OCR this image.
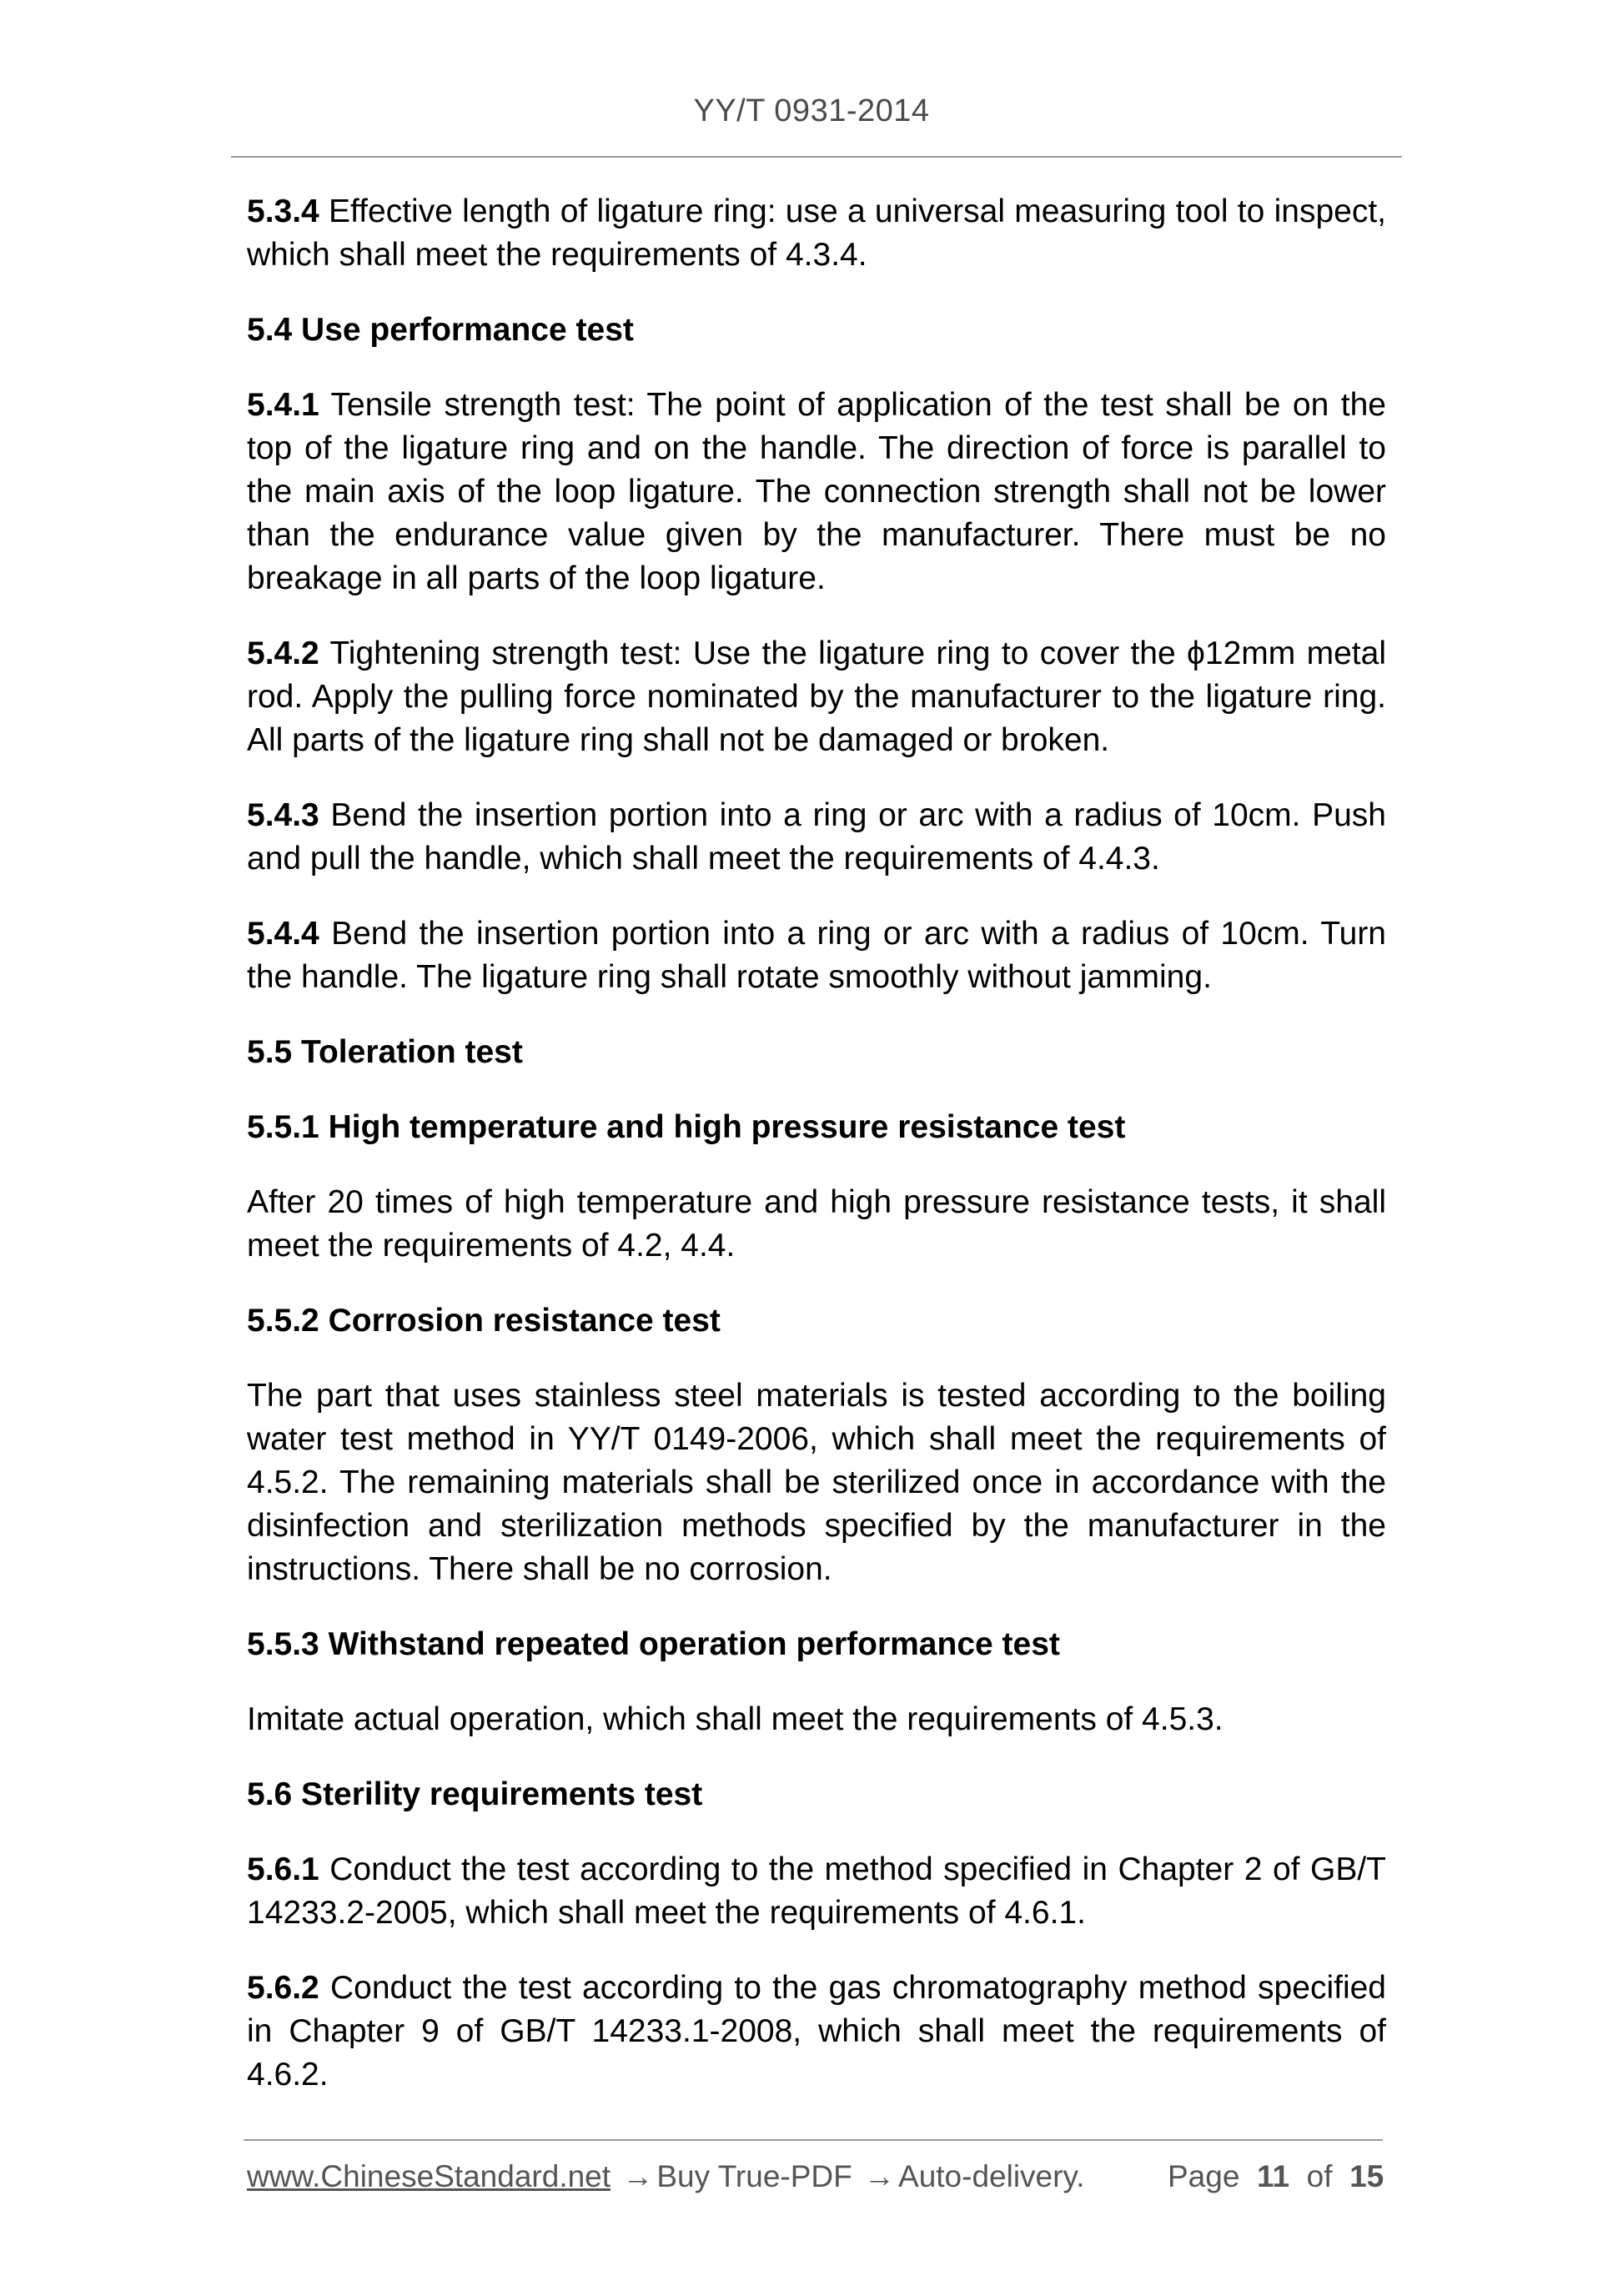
YY/T 0931-2014

5.3.4 Effective length of ligature ring: use a universal measuring tool to inspect, which shall meet the requirements of 4.3.4.

5.4 Use performance test

5.4.1 Tensile strength test: The point of application of the test shall be on the top of the ligature ring and on the handle. The direction of force is parallel to the main axis of the loop ligature. The connection strength shall not be lower than the endurance value given by the manufacturer. There must be no breakage in all parts of the loop ligature.

5.4.2 Tightening strength test: Use the ligature ring to cover the ϕ12mm metal rod. Apply the pulling force nominated by the manufacturer to the ligature ring. All parts of the ligature ring shall not be damaged or broken.

5.4.3 Bend the insertion portion into a ring or arc with a radius of 10cm. Push and pull the handle, which shall meet the requirements of 4.4.3.

5.4.4 Bend the insertion portion into a ring or arc with a radius of 10cm. Turn the handle. The ligature ring shall rotate smoothly without jamming.

5.5 Toleration test

5.5.1 High temperature and high pressure resistance test

After 20 times of high temperature and high pressure resistance tests, it shall meet the requirements of 4.2, 4.4.

5.5.2 Corrosion resistance test

The part that uses stainless steel materials is tested according to the boiling water test method in YY/T 0149-2006, which shall meet the requirements of 4.5.2. The remaining materials shall be sterilized once in accordance with the disinfection and sterilization methods specified by the manufacturer in the instructions. There shall be no corrosion.

5.5.3 Withstand repeated operation performance test

Imitate actual operation, which shall meet the requirements of 4.5.3.

5.6 Sterility requirements test

5.6.1 Conduct the test according to the method specified in Chapter 2 of GB/T 14233.2-2005, which shall meet the requirements of 4.6.1.

5.6.2 Conduct the test according to the gas chromatography method specified in Chapter 9 of GB/T 14233.1-2008, which shall meet the requirements of 4.6.2.

www.ChineseStandard.net → Buy True-PDF → Auto-delivery.	Page 11 of 15
